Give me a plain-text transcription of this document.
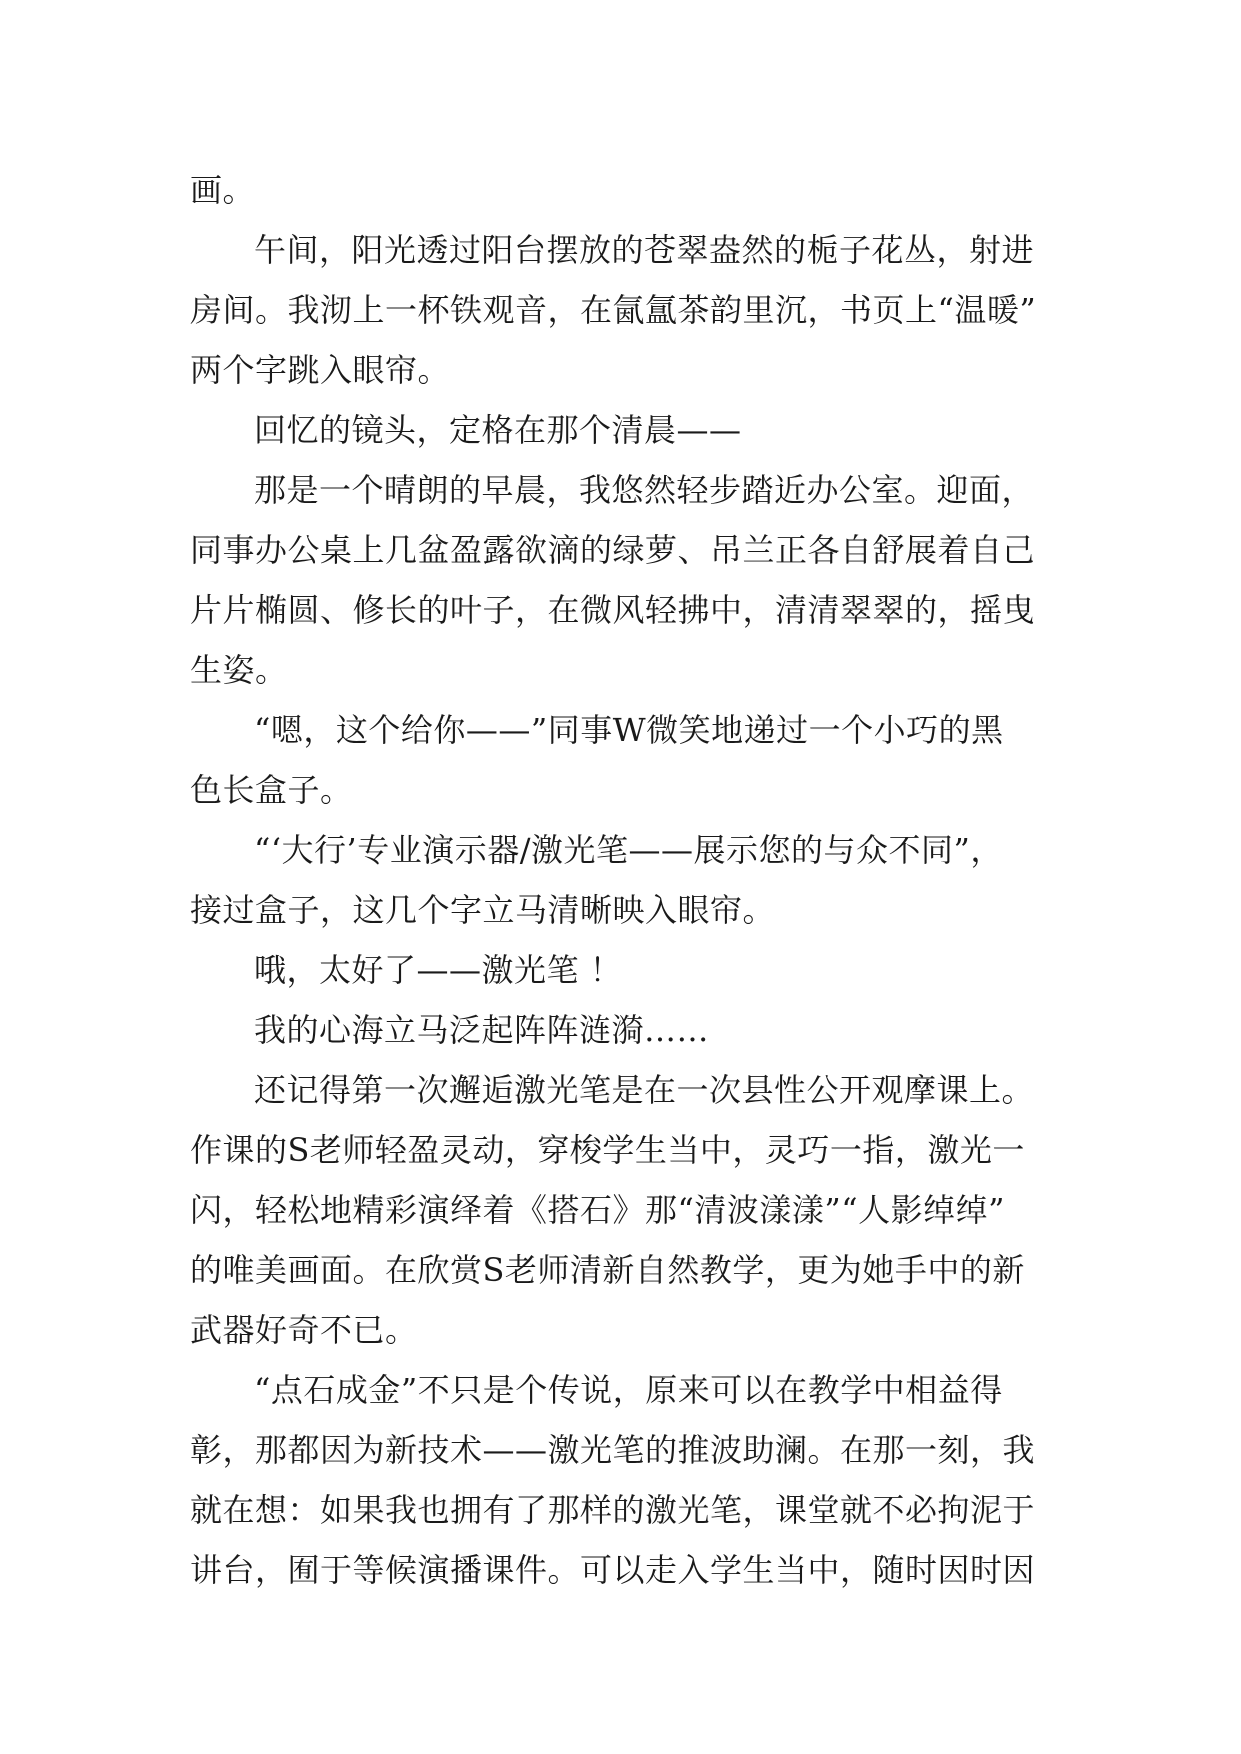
画。

午间，阳光透过阳台摆放的苍翠盎然的栀子花丛，射进

房间。我沏上一杯铁观音，在氤氲茶韵里沉，书页上“温暖”

两个字跳入眼帘。

回忆的镜头，定格在那个清晨——

那是一个晴朗的早晨，我悠然轻步踏近办公室。迎面，

同事办公桌上几盆盈露欲滴的绿萝、吊兰正各自舒展着自己

片片椭圆、修长的叶子，在微风轻拂中，清清翠翠的，摇曳

生姿。

“嗯，这个给你——”同事W微笑地递过一个小巧的黑

色长盒子。

“‘大行’专业演示器/激光笔——展示您的与众不同”，

接过盒子，这几个字立马清晰映入眼帘。

哦，太好了——激光笔 ！

我的心海立马泛起阵阵涟漪……

还记得第一次邂逅激光笔是在一次县性公开观摩课上。

作课的S老师轻盈灵动，穿梭学生当中，灵巧一指，激光一

闪，轻松地精彩演绎着《搭石》那“清波漾漾”“人影绰绰”

的唯美画面。在欣赏S老师清新自然教学，更为她手中的新

武器好奇不已。

“点石成金”不只是个传说，原来可以在教学中相益得

彰，那都因为新技术——激光笔的推波助澜。在那一刻，我

就在想：如果我也拥有了那样的激光笔，课堂就不必拘泥于

讲台，囿于等候演播课件。可以走入学生当中，随时因时因
